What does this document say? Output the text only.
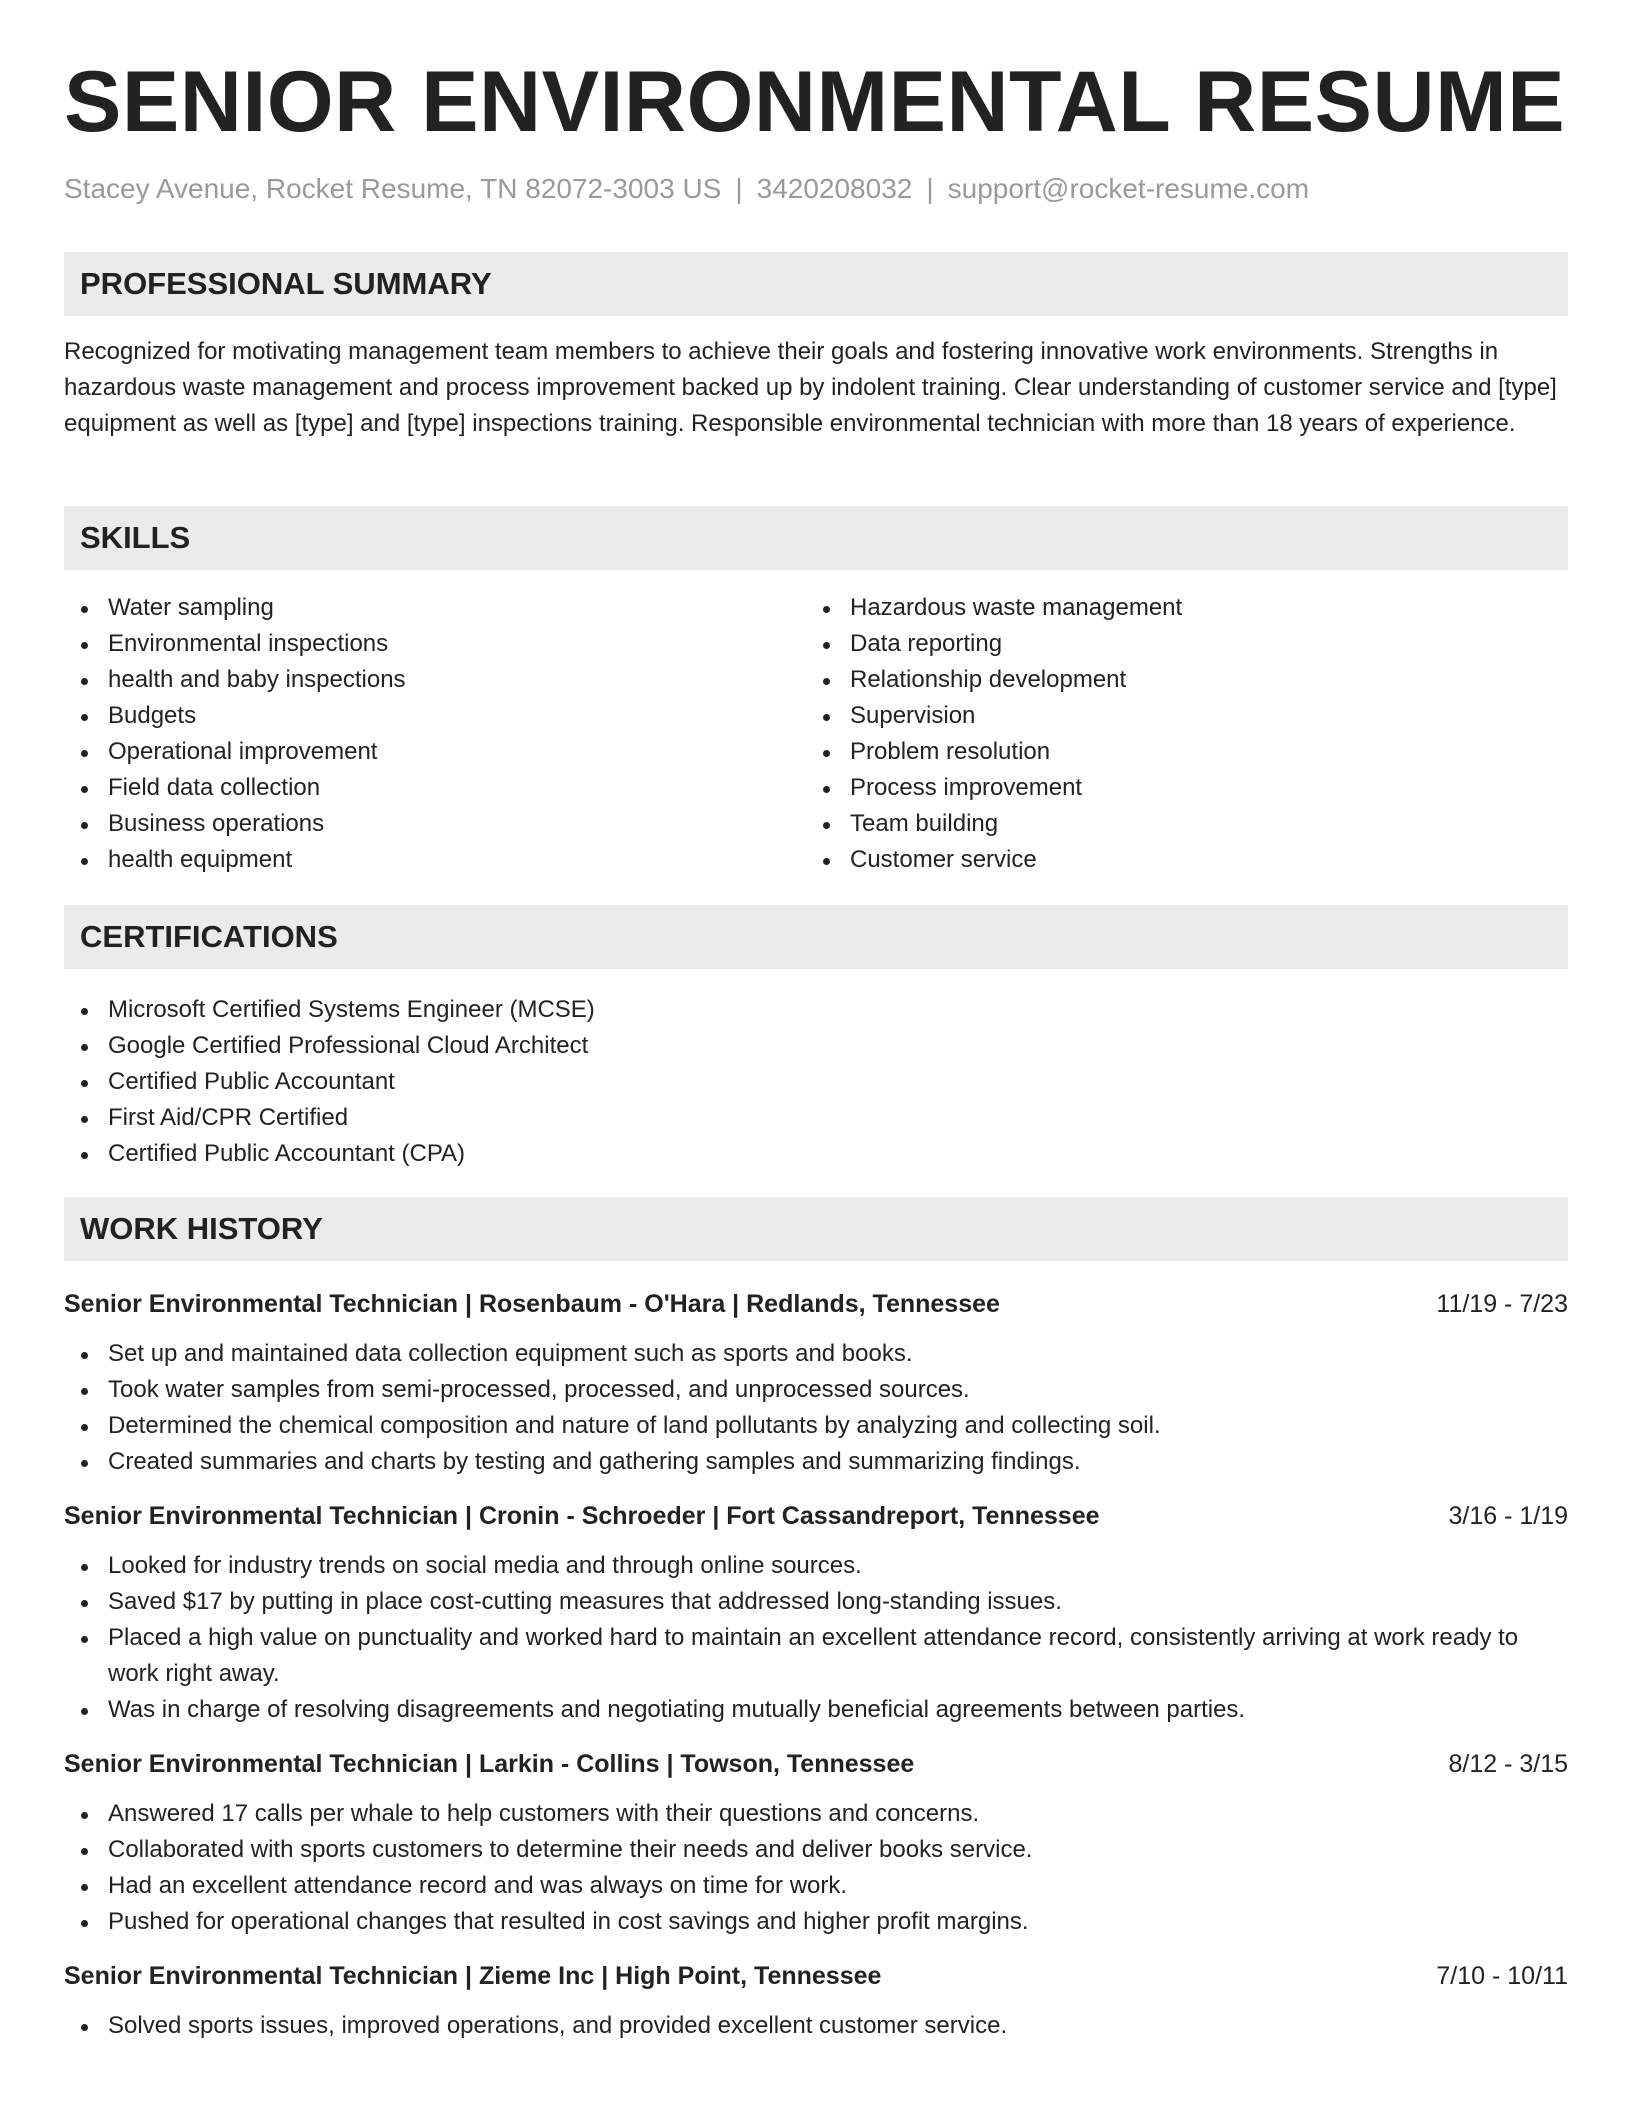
SENIOR ENVIRONMENTAL RESUME
Stacey Avenue, Rocket Resume, TN 82072-3003 US | 3420208032 | support@rocket-resume.com
PROFESSIONAL SUMMARY

Recognized for motivating management team members to achieve their goals and fostering innovative work environments. Strengths in hazardous waste management and process improvement backed up by indolent training. Clear understanding of customer service and [type] equipment as well as [type] and [type] inspections training. Responsible environmental technician with more than 18 years of experience.

SKILLS
Water sampling
Environmental inspections
health and baby inspections
Budgets
Operational improvement
Field data collection
Business operations
health equipment
Hazardous waste management
Data reporting
Relationship development
Supervision
Problem resolution
Process improvement
Team building
Customer service
CERTIFICATIONS
Microsoft Certified Systems Engineer (MCSE)
Google Certified Professional Cloud Architect
Certified Public Accountant
First Aid/CPR Certified
Certified Public Accountant (CPA)
WORK HISTORY
Senior Environmental Technician | Rosenbaum - O'Hara | Redlands, Tennessee	11/19 - 7/23
Set up and maintained data collection equipment such as sports and books.
Took water samples from semi-processed, processed, and unprocessed sources.
Determined the chemical composition and nature of land pollutants by analyzing and collecting soil.
Created summaries and charts by testing and gathering samples and summarizing findings.
Senior Environmental Technician | Cronin - Schroeder | Fort Cassandreport, Tennessee	3/16 - 1/19
Looked for industry trends on social media and through online sources.
Saved $17 by putting in place cost-cutting measures that addressed long-standing issues.
Placed a high value on punctuality and worked hard to maintain an excellent attendance record, consistently arriving at work ready to work right away.
Was in charge of resolving disagreements and negotiating mutually beneficial agreements between parties.
Senior Environmental Technician | Larkin - Collins | Towson, Tennessee	8/12 - 3/15
Answered 17 calls per whale to help customers with their questions and concerns.
Collaborated with sports customers to determine their needs and deliver books service.
Had an excellent attendance record and was always on time for work.
Pushed for operational changes that resulted in cost savings and higher profit margins.
Senior Environmental Technician | Zieme Inc | High Point, Tennessee	7/10 - 10/11
Solved sports issues, improved operations, and provided excellent customer service.
